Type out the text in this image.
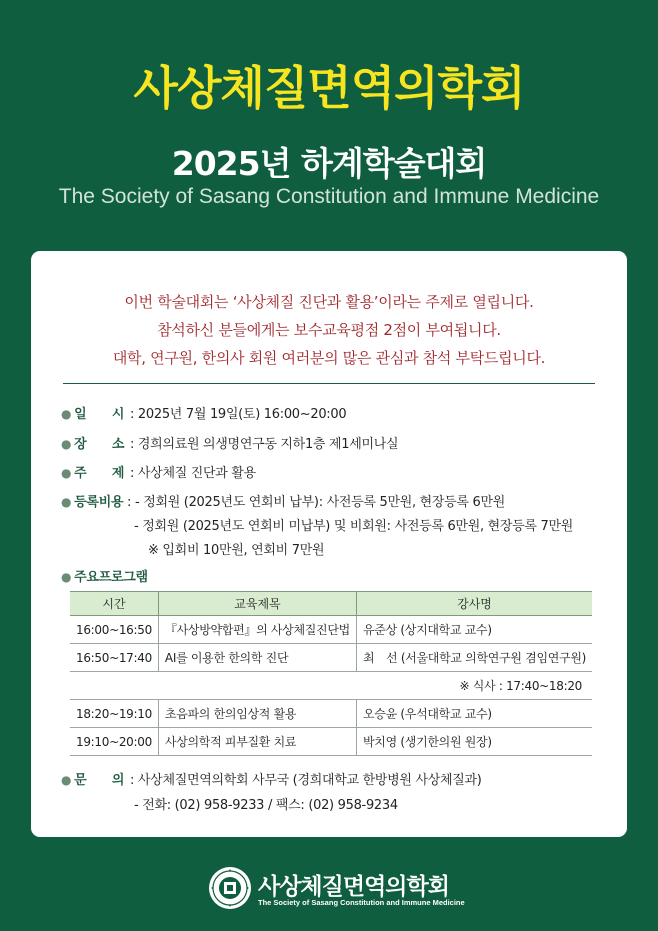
사상체질면역의학회
2025년 하계학술대회
The Society of Sasang Constitution and Immune Medicine
이번 학술대회는 ‘사상체질 진단과 활용’이라는 주제로 열립니다.
참석하신 분들에게는 보수교육평점 2점이 부여됩니다.
대학, 연구원, 한의사 회원 여러분의 많은 관심과 참석 부탁드립니다.
● 일　　시 : 2025년 7월 19일(토) 16:00~20:00
● 장　　소 : 경희의료원 의생명연구동 지하1층 제1세미나실
● 주　　제 : 사상체질 진단과 활용
● 등록비용 : - 정회원 (2025년도 연회비 납부): 사전등록 5만원, 현장등록 6만원
- 정회원 (2025년도 연회비 미납부) 및 비회원: 사전등록 6만원, 현장등록 7만원
※ 입회비 10만원, 연회비 7만원
● 주요프로그램
시간	교육제목	강사명
16:00~16:50	『사상방약합편』의 사상체질진단법	유준상 (상지대학교 교수)
16:50~17:40	AI를 이용한 한의학 진단	최　선 (서울대학교 의학연구원 겸임연구원)
※ 식사 : 17:40~18:20		
18:20~19:10	초음파의 한의임상적 활용	오승윤 (우석대학교 교수)
19:10~20:00	사상의학적 피부질환 치료	박치영 (생기한의원 원장)
● 문　　의 : 사상체질면역의학회 사무국 (경희대학교 한방병원 사상체질과)
- 전화: (02) 958-9233 / 팩스: (02) 958-9234
사상체질면역의학회
The Society of Sasang Constitution and Immune Medicine
